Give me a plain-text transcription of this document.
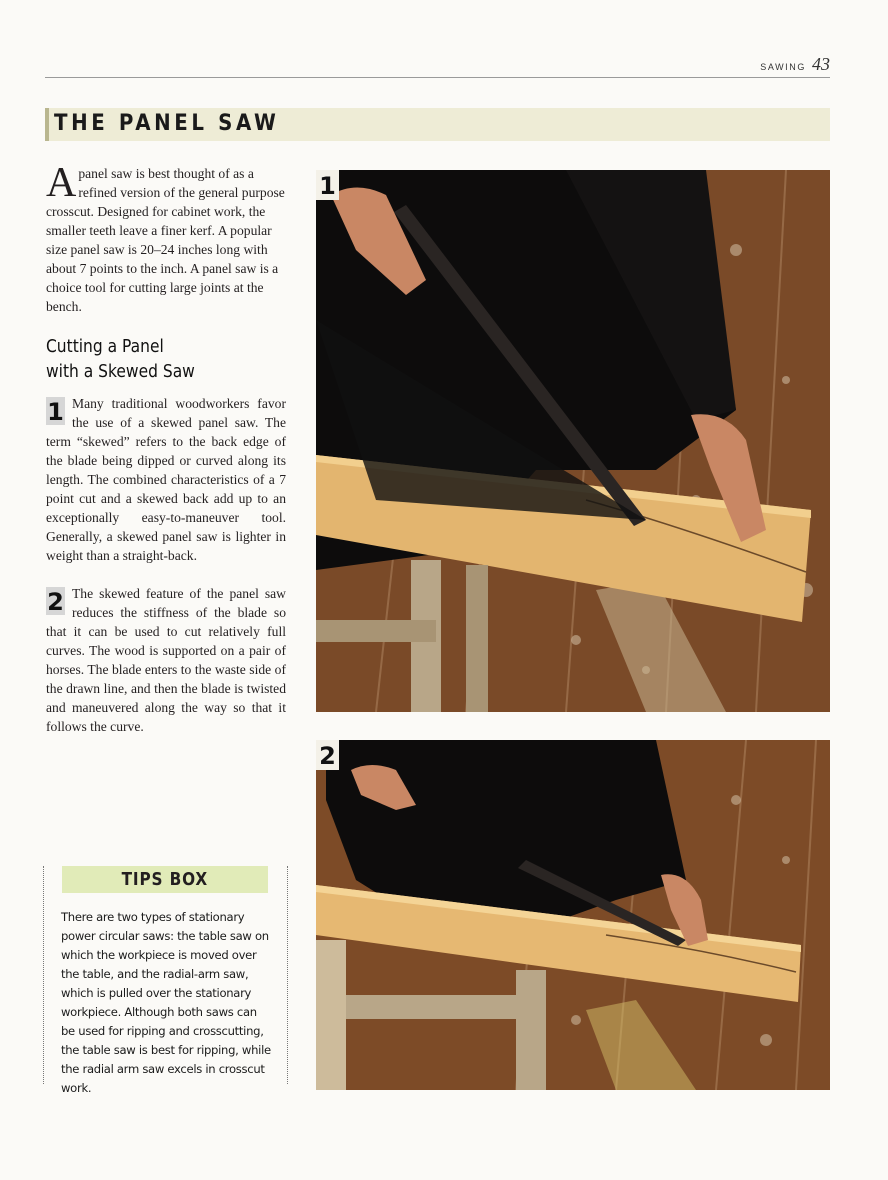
SAWING 43
THE PANEL SAW
A panel saw is best thought of as a refined version of the general purpose crosscut. Designed for cabinet work, the smaller teeth leave a finer kerf. A popular size panel saw is 20–24 inches long with about 7 points to the inch. A panel saw is a choice tool for cutting large joints at the bench.

Cutting a Panel
with a Skewed Saw
1 Many traditional woodworkers favor the use of a skewed panel saw. The term “skewed” refers to the back edge of the blade being dipped or curved along its length. The combined characteristics of a 7 point cut and a skewed back add up to an exceptionally easy-to-maneuver tool. Generally, a skewed panel saw is lighter in weight than a straight-back.

2 The skewed feature of the panel saw reduces the stiffness of the blade so that it can be used to cut relatively full curves. The wood is supported on a pair of horses. The blade enters to the waste side of the drawn line, and then the blade is twisted and maneuvered along the way so that it follows the curve.

TIPS BOX

There are two types of stationary power circular saws: the table saw on which the workpiece is moved over the table, and the radial-arm saw, which is pulled over the stationary workpiece. Although both saws can be used for ripping and crosscutting, the table saw is best for ripping, while the radial arm saw excels in crosscut work.

1
2
